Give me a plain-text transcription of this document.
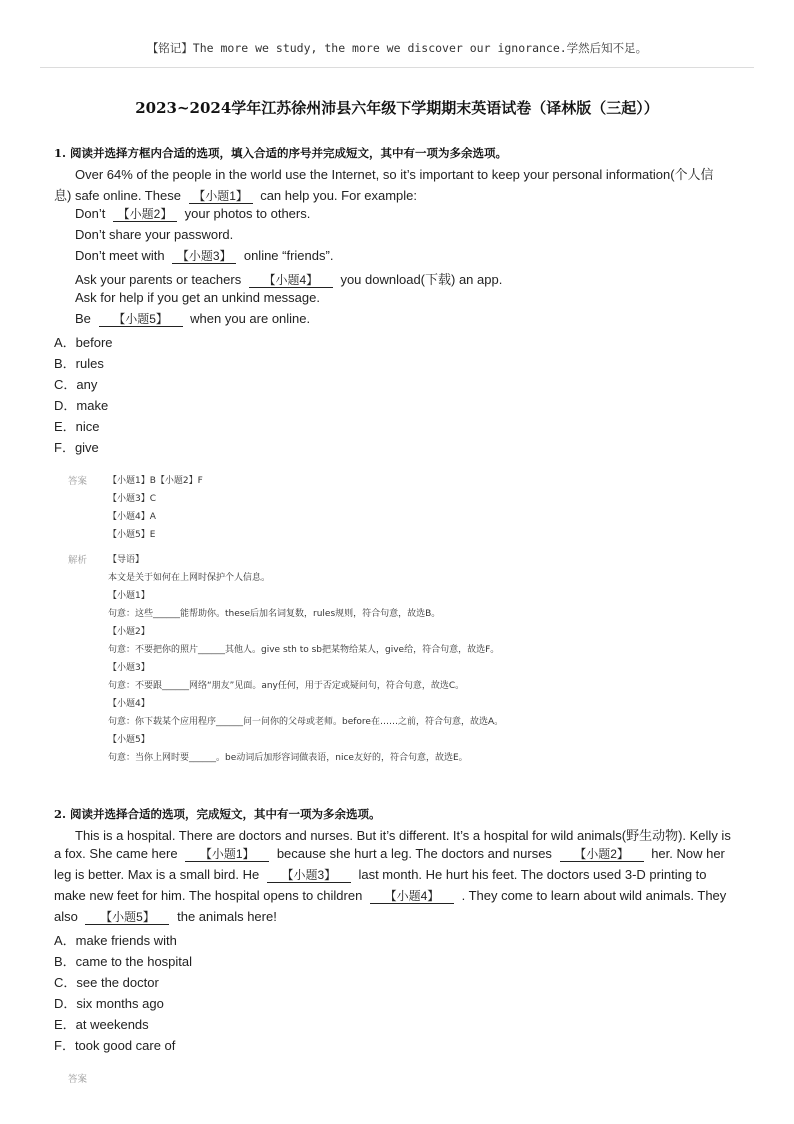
【铭记】The more we study, the more we discover our ignorance.学然后知不足。
2023~2024学年江苏徐州沛县六年级下学期期末英语试卷（译林版（三起））
1. 阅读并选择方框内合适的选项，填入合适的序号并完成短文，其中有一项为多余选项。
Over 64% of the people in the world use the Internet, so it’s important to keep your personal information(个人信
息) safe online. These 【小题1】 can help you. For example:
Don’t 【小题2】 your photos to others.
Don’t share your password.
Don’t meet with 【小题3】 online “friends”.
Ask your parents or teachers 【小题4】 you download(下载) an app.
Ask for help if you get an unkind message.
Be 【小题5】 when you are online.
A．before
B．rules
C．any
D．make
E．nice
F．give
答案 【小题1】B【小题2】F
【小题3】C
【小题4】A
【小题5】E
解析 【导语】
本文是关于如何在上网时保护个人信息。
【小题1】
句意：这些______能帮助你。these后加名词复数，rules规则，符合句意，故选B。
【小题2】
句意：不要把你的照片______其他人。give sth to sb把某物给某人，give给，符合句意，故选F。
【小题3】
句意：不要跟______网络“朋友”见面。any任何，用于否定或疑问句，符合句意，故选C。
【小题4】
句意：你下载某个应用程序______问一问你的父母或老师。before在……之前，符合句意，故选A。
【小题5】
句意：当你上网时要______。be动词后加形容词做表语，nice友好的，符合句意，故选E。
2. 阅读并选择合适的选项，完成短文，其中有一项为多余选项。
This is a hospital. There are doctors and nurses. But it’s different. It’s a hospital for wild animals(野生动物). Kelly is
a fox. She came here 【小题1】 because she hurt a leg. The doctors and nurses 【小题2】 her. Now her
leg is better. Max is a small bird. He 【小题3】 last month. He hurt his feet. The doctors used 3-D printing to
make new feet for him. The hospital opens to children 【小题4】 . They come to learn about wild animals. They
also 【小题5】 the animals here!
A．make friends with
B．came to the hospital
C．see the doctor
D．six months ago
E．at weekends
F．took good care of
答案
